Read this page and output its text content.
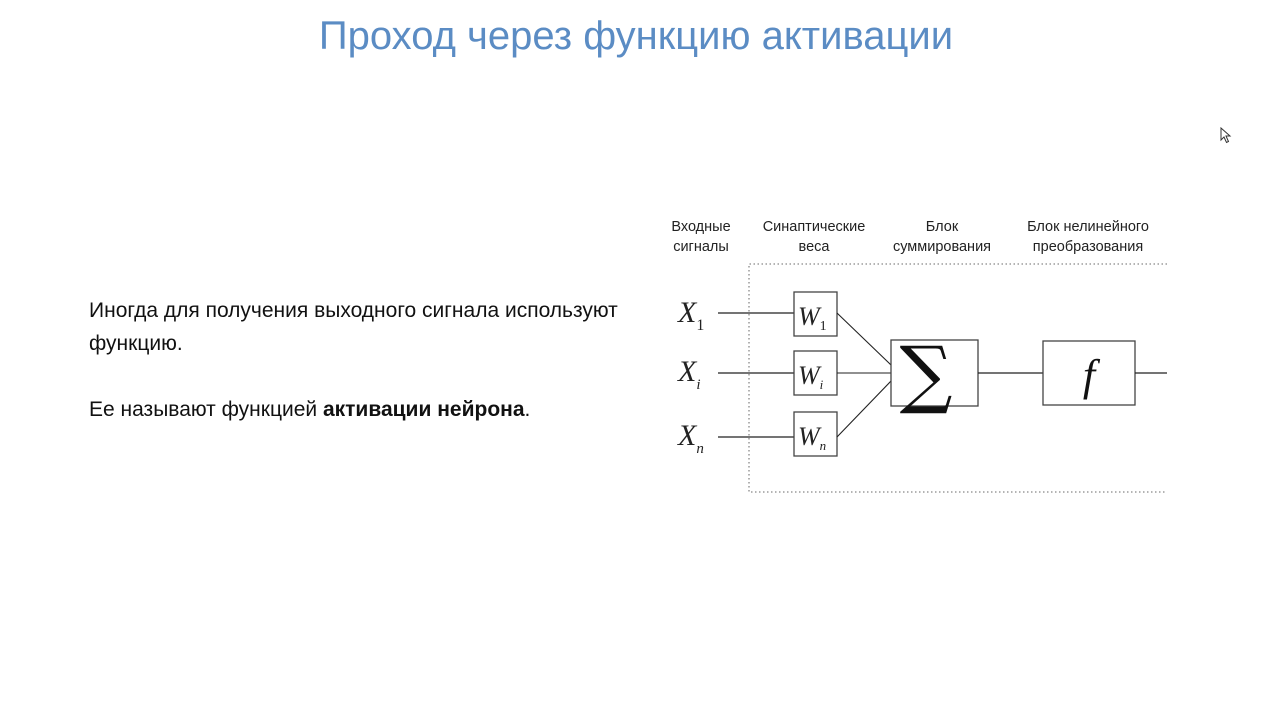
Проход через функцию активации

Иногда для получения выходного сигнала используют функцию.

Ее называют функцией активации нейрона.

Входные
сигналы
Синаптические
веса
Блок
суммирования
Блок нелинейного
преобразования
$X_1$
$X_i$
$X_n$
W1
Wi
Wn
∑	f
